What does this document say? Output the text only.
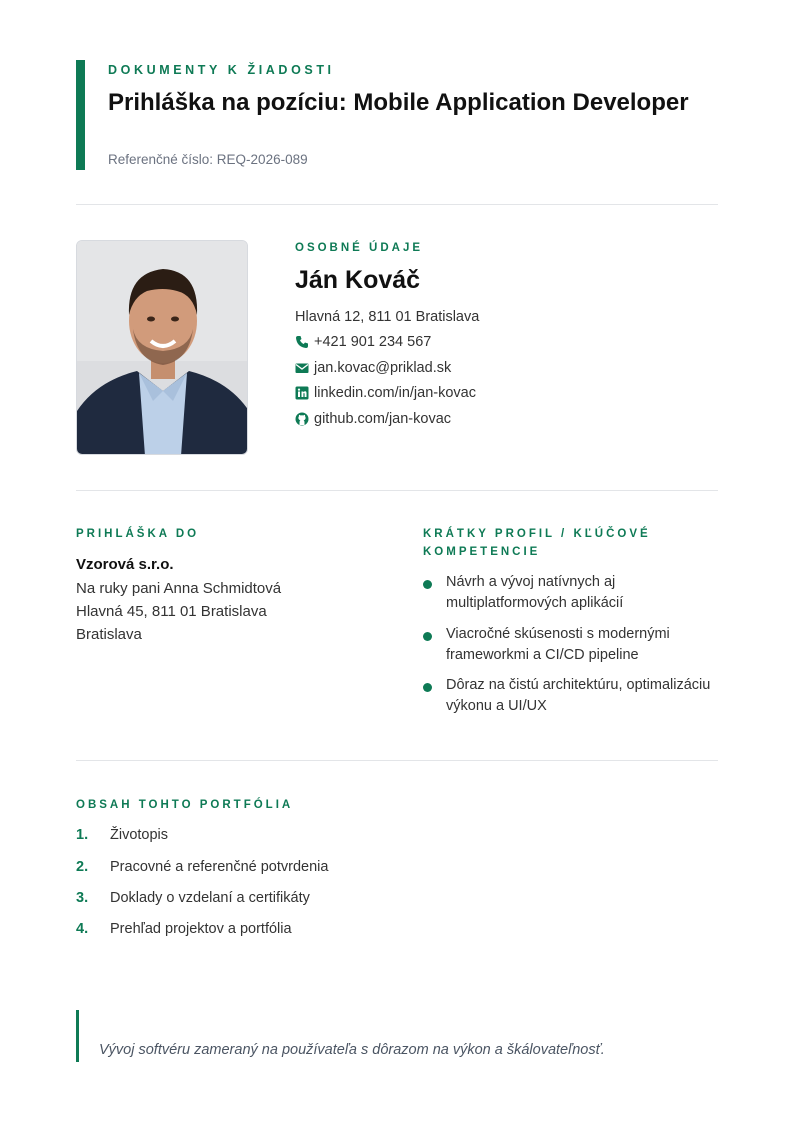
DOKUMENTY K ŽIADOSTI
Prihláška na pozíciu: Mobile Application Developer
Referenčné číslo: REQ-2026-089
OSOBNÉ ÚDAJE
Ján Kováč
Hlavná 12, 811 01 Bratislava
+421 901 234 567
jan.kovac@priklad.sk
linkedin.com/in/jan-kovac
github.com/jan-kovac
PRIHLÁŠKA DO
Vzorová s.r.o.
Na ruky pani Anna Schmidtová
Hlavná 45, 811 01 Bratislava
Bratislava
KRÁTKY PROFIL / KĽÚČOVÉ
KOMPETENCIE
Návrh a vývoj natívnych aj multiplatformových aplikácií
Viacročné skúsenosti s modernými frameworkmi a CI/CD pipeline
Dôraz na čistú architektúru, optimalizáciu výkonu a UI/UX
OBSAH TOHTO PORTFÓLIA
1. Životopis
2. Pracovné a referenčné potvrdenia
3. Doklady o vzdelaní a certifikáty
4. Prehľad projektov a portfólia
Vývoj softvéru zameraný na používateľa s dôrazom na výkon a škálovateľnosť.
